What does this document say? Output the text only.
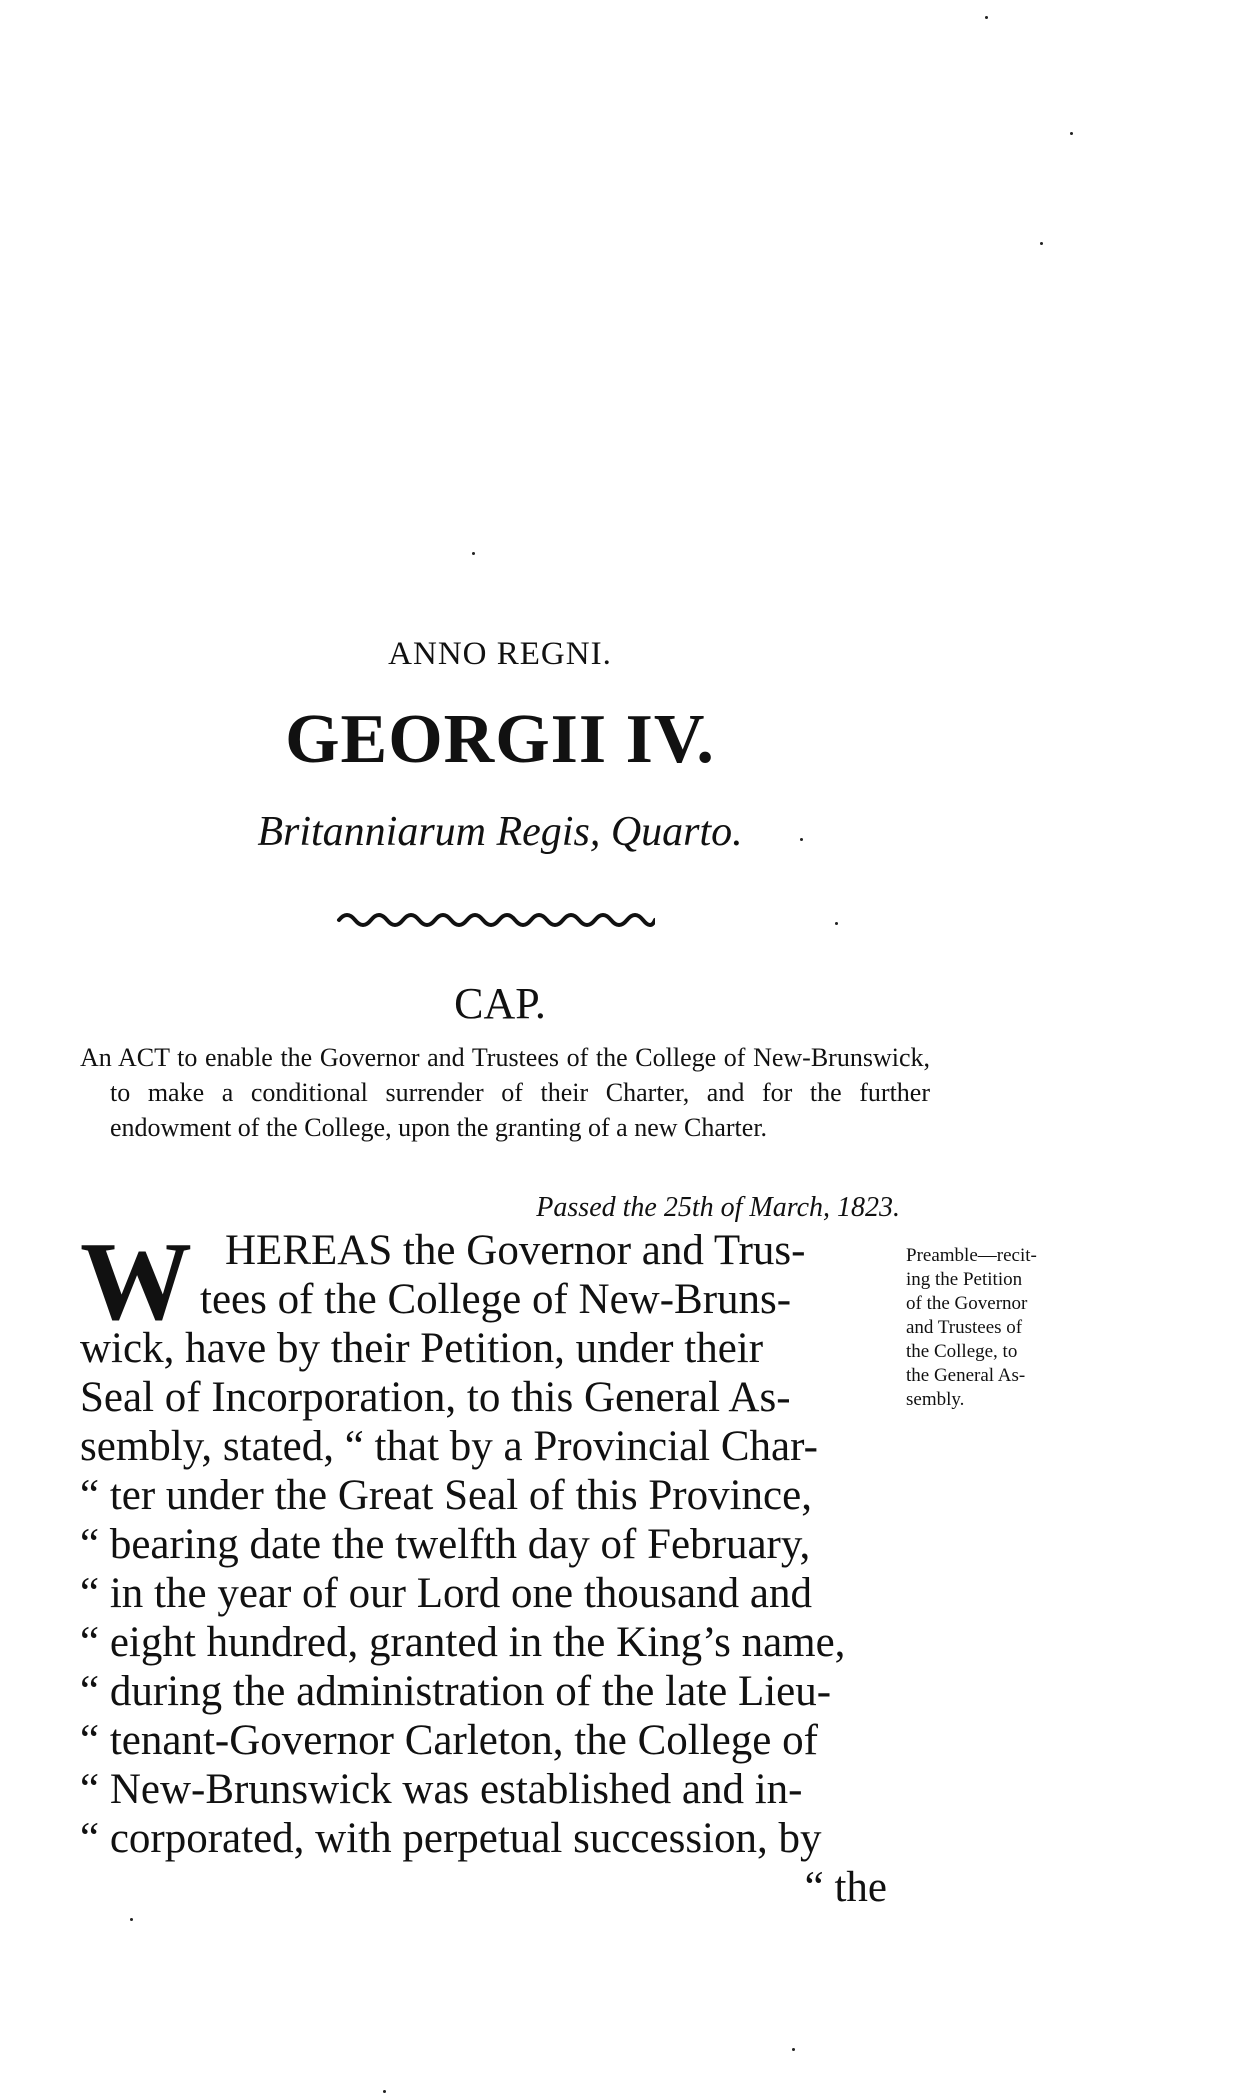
ANNO REGNI.
GEORGII IV.
Britanniarum Regis, Quarto.
CAP.
An ACT to enable the Governor and Trustees of the College of New-Brunswick, to make a conditional surrender of their Charter, and for the further endowment of the College, upon the granting of a new Charter.
Passed the 25th of March, 1823.
W HEREAS the Governor and Trus-
tees of the College of New-Bruns-
wick, have by their Petition, under their
Seal of Incorporation, to this General As-
sembly, stated, “ that by a Provincial Char-
“ ter under the Great Seal of this Province,
“ bearing date the twelfth day of February,
“ in the year of our Lord one thousand and
“ eight hundred, granted in the King’s name,
“ during the administration of the late Lieu-
“ tenant-Governor Carleton, the College of
“ New-Brunswick was established and in-
“ corporated, with perpetual succession, by
“ the
Preamble—recit-
ing the Petition
of the Governor
and Trustees of
the College, to
the General As-
sembly.
